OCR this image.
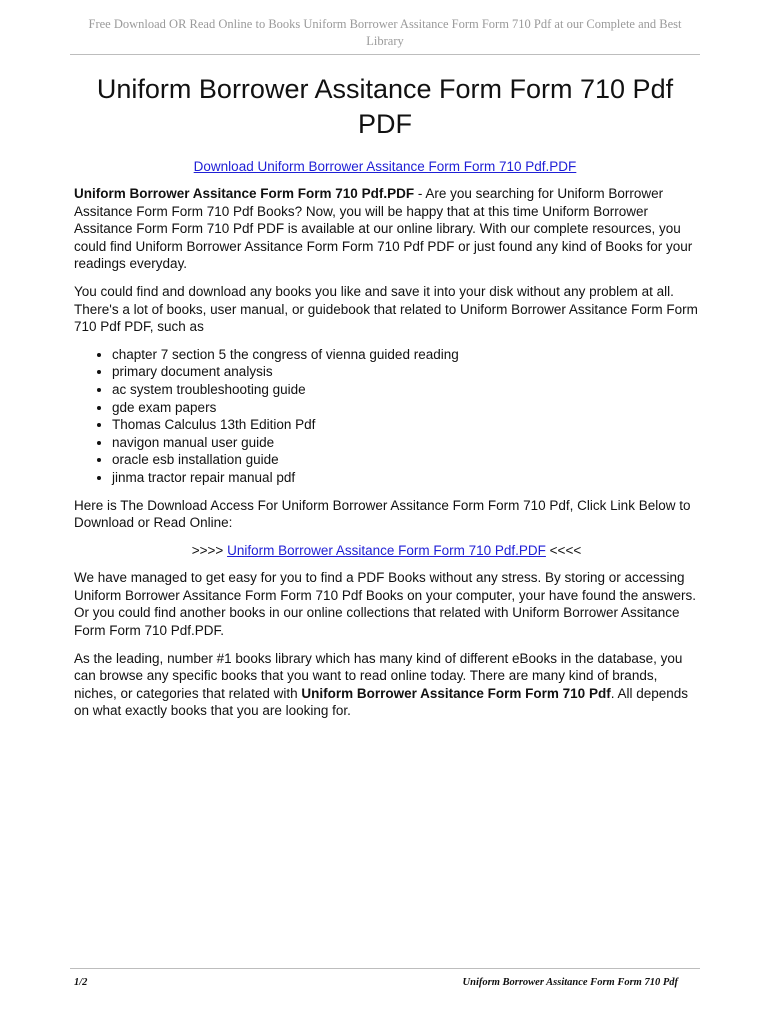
Free Download OR Read Online to Books Uniform Borrower Assitance Form Form 710 Pdf at our Complete and Best Library
Uniform Borrower Assitance Form Form 710 Pdf PDF
Download Uniform Borrower Assitance Form Form 710 Pdf.PDF

Uniform Borrower Assitance Form Form 710 Pdf.PDF - Are you searching for Uniform Borrower Assitance Form Form 710 Pdf Books? Now, you will be happy that at this time Uniform Borrower Assitance Form Form 710 Pdf PDF is available at our online library. With our complete resources, you could find Uniform Borrower Assitance Form Form 710 Pdf PDF or just found any kind of Books for your readings everyday.

You could find and download any books you like and save it into your disk without any problem at all. There's a lot of books, user manual, or guidebook that related to Uniform Borrower Assitance Form Form 710 Pdf PDF, such as

• chapter 7 section 5 the congress of vienna guided reading
• primary document analysis
• ac system troubleshooting guide
• gde exam papers
• Thomas Calculus 13th Edition Pdf
• navigon manual user guide
• oracle esb installation guide
• jinma tractor repair manual pdf

Here is The Download Access For Uniform Borrower Assitance Form Form 710 Pdf, Click Link Below to Download or Read Online:

>>>> Uniform Borrower Assitance Form Form 710 Pdf.PDF <<<<

We have managed to get easy for you to find a PDF Books without any stress. By storing or accessing Uniform Borrower Assitance Form Form 710 Pdf Books on your computer, your have found the answers. Or you could find another books in our online collections that related with Uniform Borrower Assitance Form Form 710 Pdf.PDF.

As the leading, number #1 books library which has many kind of different eBooks in the database, you can browse any specific books that you want to read online today. There are many kind of brands, niches, or categories that related with Uniform Borrower Assitance Form Form 710 Pdf. All depends on what exactly books that you are looking for.

1/2	Uniform Borrower Assitance Form Form 710 Pdf
